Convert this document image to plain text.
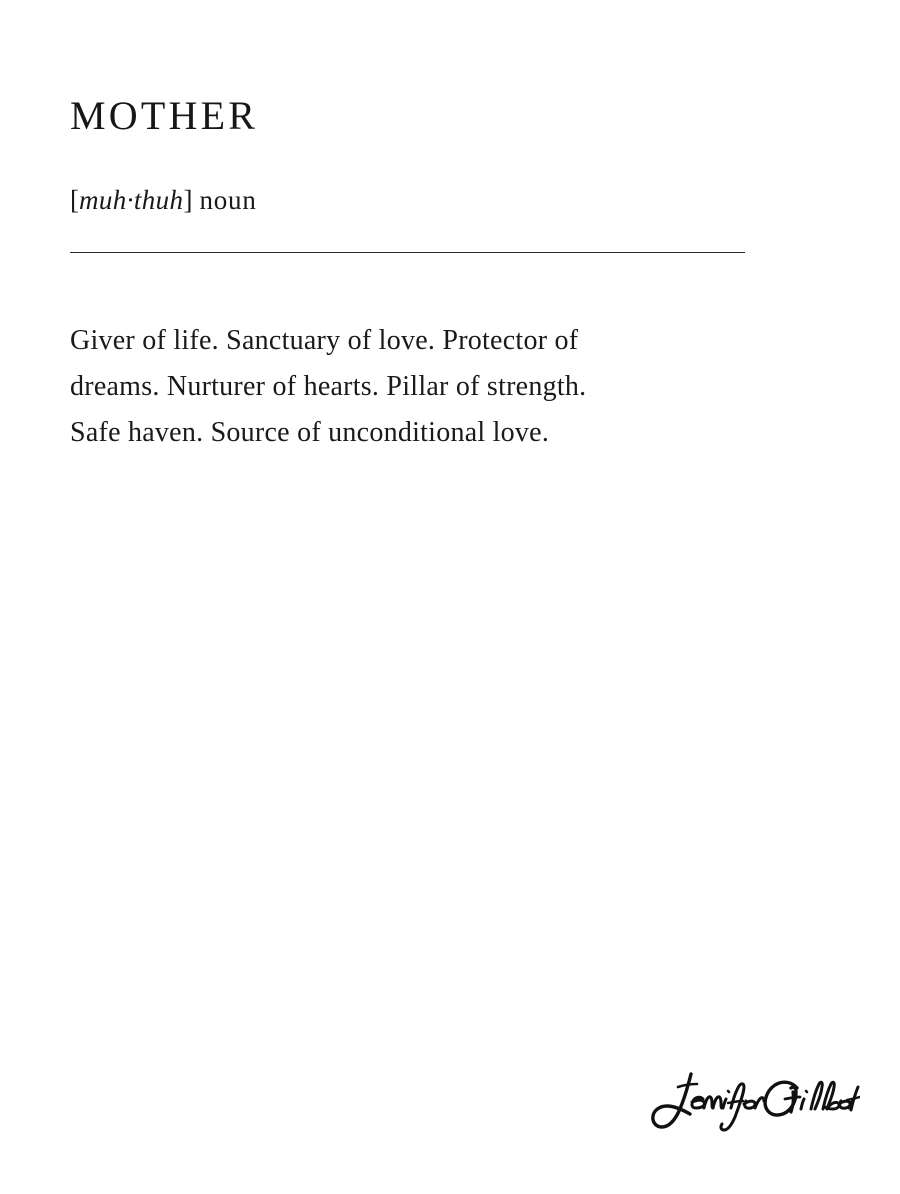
MOTHER
[muh·thuh] noun
Giver of life. Sanctuary of love. Protector of
dreams. Nurturer of hearts. Pillar of strength.
Safe haven. Source of unconditional love.
